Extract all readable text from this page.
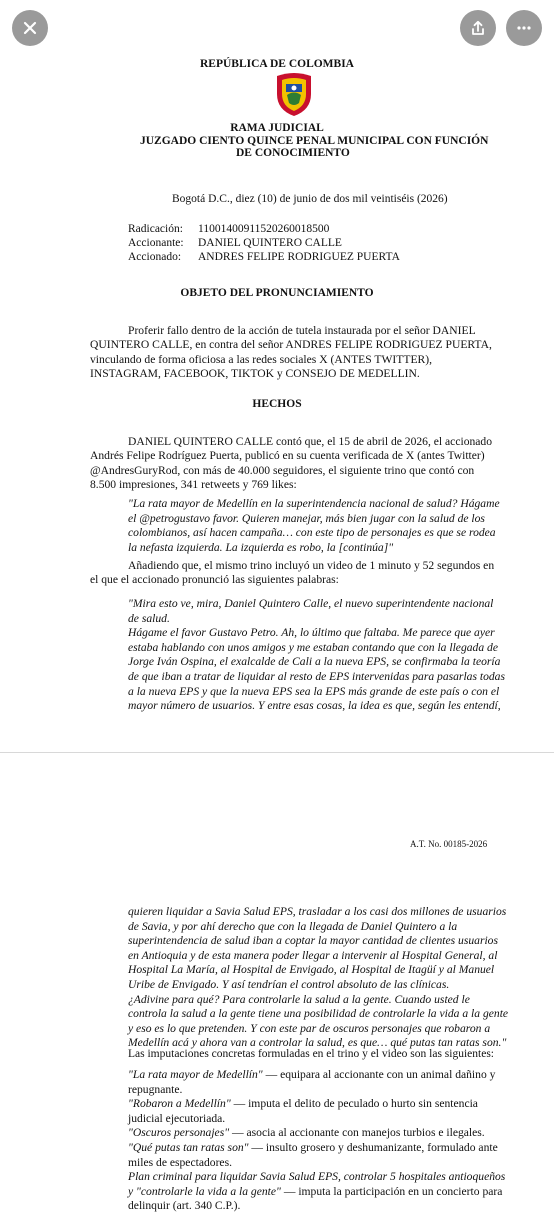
REPÚBLICA DE COLOMBIA
RAMA JUDICIAL
JUZGADO CIENTO QUINCE PENAL MUNICIPAL CON FUNCIÓN
DE CONOCIMIENTO
Bogotá D.C., diez (10) de junio de dos mil veintiséis (2026)
Radicación: 11001400911520260018500
Accionante: DANIEL QUINTERO CALLE
Accionado: ANDRES FELIPE RODRIGUEZ PUERTA
OBJETO DEL PRONUNCIAMIENTO
Proferir fallo dentro de la acción de tutela instaurada por el señor DANIEL
QUINTERO CALLE, en contra del señor ANDRES FELIPE RODRIGUEZ PUERTA,
vinculando de forma oficiosa a las redes sociales X (ANTES TWITTER),
INSTAGRAM, FACEBOOK, TIKTOK y CONSEJO DE MEDELLIN.
HECHOS
DANIEL QUINTERO CALLE contó que, el 15 de abril de 2026, el accionado
Andrés Felipe Rodríguez Puerta, publicó en su cuenta verificada de X (antes Twitter)
@AndresGuryRod, con más de 40.000 seguidores, el siguiente trino que contó con
8.500 impresiones, 341 retweets y 769 likes:
"La rata mayor de Medellín en la superintendencia nacional de salud? Hágame
el @petrogustavo favor. Quieren manejar, más bien jugar con la salud de los
colombianos, así hacen campaña… con este tipo de personajes es que se rodea
la nefasta izquierda. La izquierda es robo, la [continúa]"
Añadiendo que, el mismo trino incluyó un video de 1 minuto y 52 segundos en
el que el accionado pronunció las siguientes palabras:
"Mira esto ve, mira, Daniel Quintero Calle, el nuevo superintendente nacional
de salud.
Hágame el favor Gustavo Petro. Ah, lo último que faltaba. Me parece que ayer
estaba hablando con unos amigos y me estaban contando que con la llegada de
Jorge Iván Ospina, el exalcalde de Cali a la nueva EPS, se confirmaba la teoría
de que iban a tratar de liquidar al resto de EPS intervenidas para pasarlas todas
a la nueva EPS y que la nueva EPS sea la EPS más grande de este país o con el
mayor número de usuarios. Y entre esas cosas, la idea es que, según les entendí,
A.T. No. 00185-2026
quieren liquidar a Savia Salud EPS, trasladar a los casi dos millones de usuarios
de Savia, y por ahí derecho que con la llegada de Daniel Quintero a la
superintendencia de salud iban a coptar la mayor cantidad de clientes usuarios
en Antioquia y de esta manera poder llegar a intervenir al Hospital General, al
Hospital La María, al Hospital de Envigado, al Hospital de Itagüí y al Manuel
Uribe de Envigado. Y así tendrían el control absoluto de las clínicas.
¿Adivine para qué? Para controlarle la salud a la gente. Cuando usted le
controla la salud a la gente tiene una posibilidad de controlarle la vida a la gente
y eso es lo que pretenden. Y con este par de oscuros personajes que robaron a
Medellín acá y ahora van a controlar la salud, es que… qué putas tan ratas son."
Las imputaciones concretas formuladas en el trino y el video son las siguientes:
"La rata mayor de Medellín" — equipara al accionante con un animal dañino y
repugnante.
"Robaron a Medellín" — imputa el delito de peculado o hurto sin sentencia
judicial ejecutoriada.
"Oscuros personajes" — asocia al accionante con manejos turbios e ilegales.
"Qué putas tan ratas son" — insulto grosero y deshumanizante, formulado ante
miles de espectadores.
Plan criminal para liquidar Savia Salud EPS, controlar 5 hospitales antioqueños
y "controlarle la vida a la gente" — imputa la participación en un concierto para
delinquir (art. 340 C.P.).
